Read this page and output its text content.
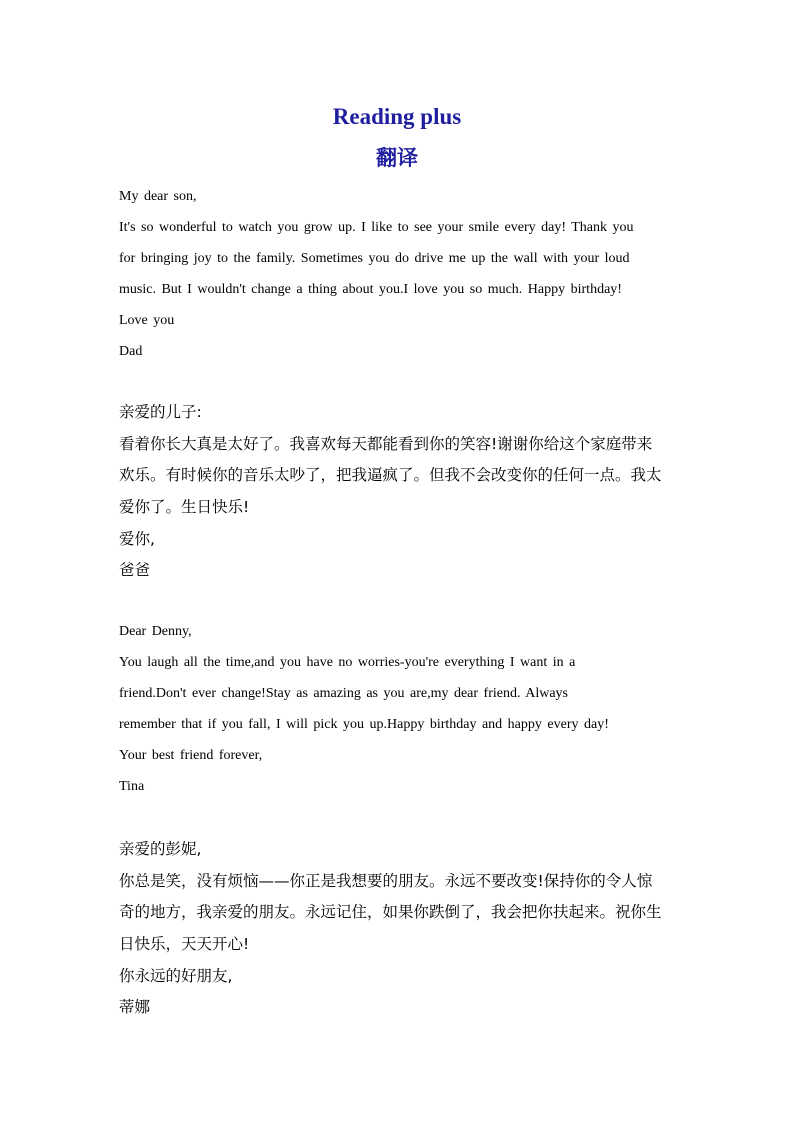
Reading plus
翻译
My dear son,
It's so wonderful to watch you grow up. I like to see your smile every day! Thank you
for bringing joy to the family. Sometimes you do drive me up the wall with your loud
music. But I wouldn't change a thing about you.I love you so much. Happy birthday!
Love you
Dad
亲爱的儿子:
看着你长大真是太好了。我喜欢每天都能看到你的笑容!谢谢你给这个家庭带来
欢乐。有时候你的音乐太吵了，把我逼疯了。但我不会改变你的任何一点。我太
爱你了。生日快乐!
爱你,
爸爸
Dear Denny,
You laugh all the time,and you have no worries-you're everything I want in a
friend.Don't ever change!Stay as amazing as you are,my dear friend. Always
remember that if you fall, I will pick you up.Happy birthday and happy every day!
Your best friend forever,
Tina
亲爱的彭妮,
你总是笑，没有烦恼——你正是我想要的朋友。永远不要改变!保持你的令人惊
奇的地方，我亲爱的朋友。永远记住，如果你跌倒了，我会把你扶起来。祝你生
日快乐，天天开心!
你永远的好朋友,
蒂娜
